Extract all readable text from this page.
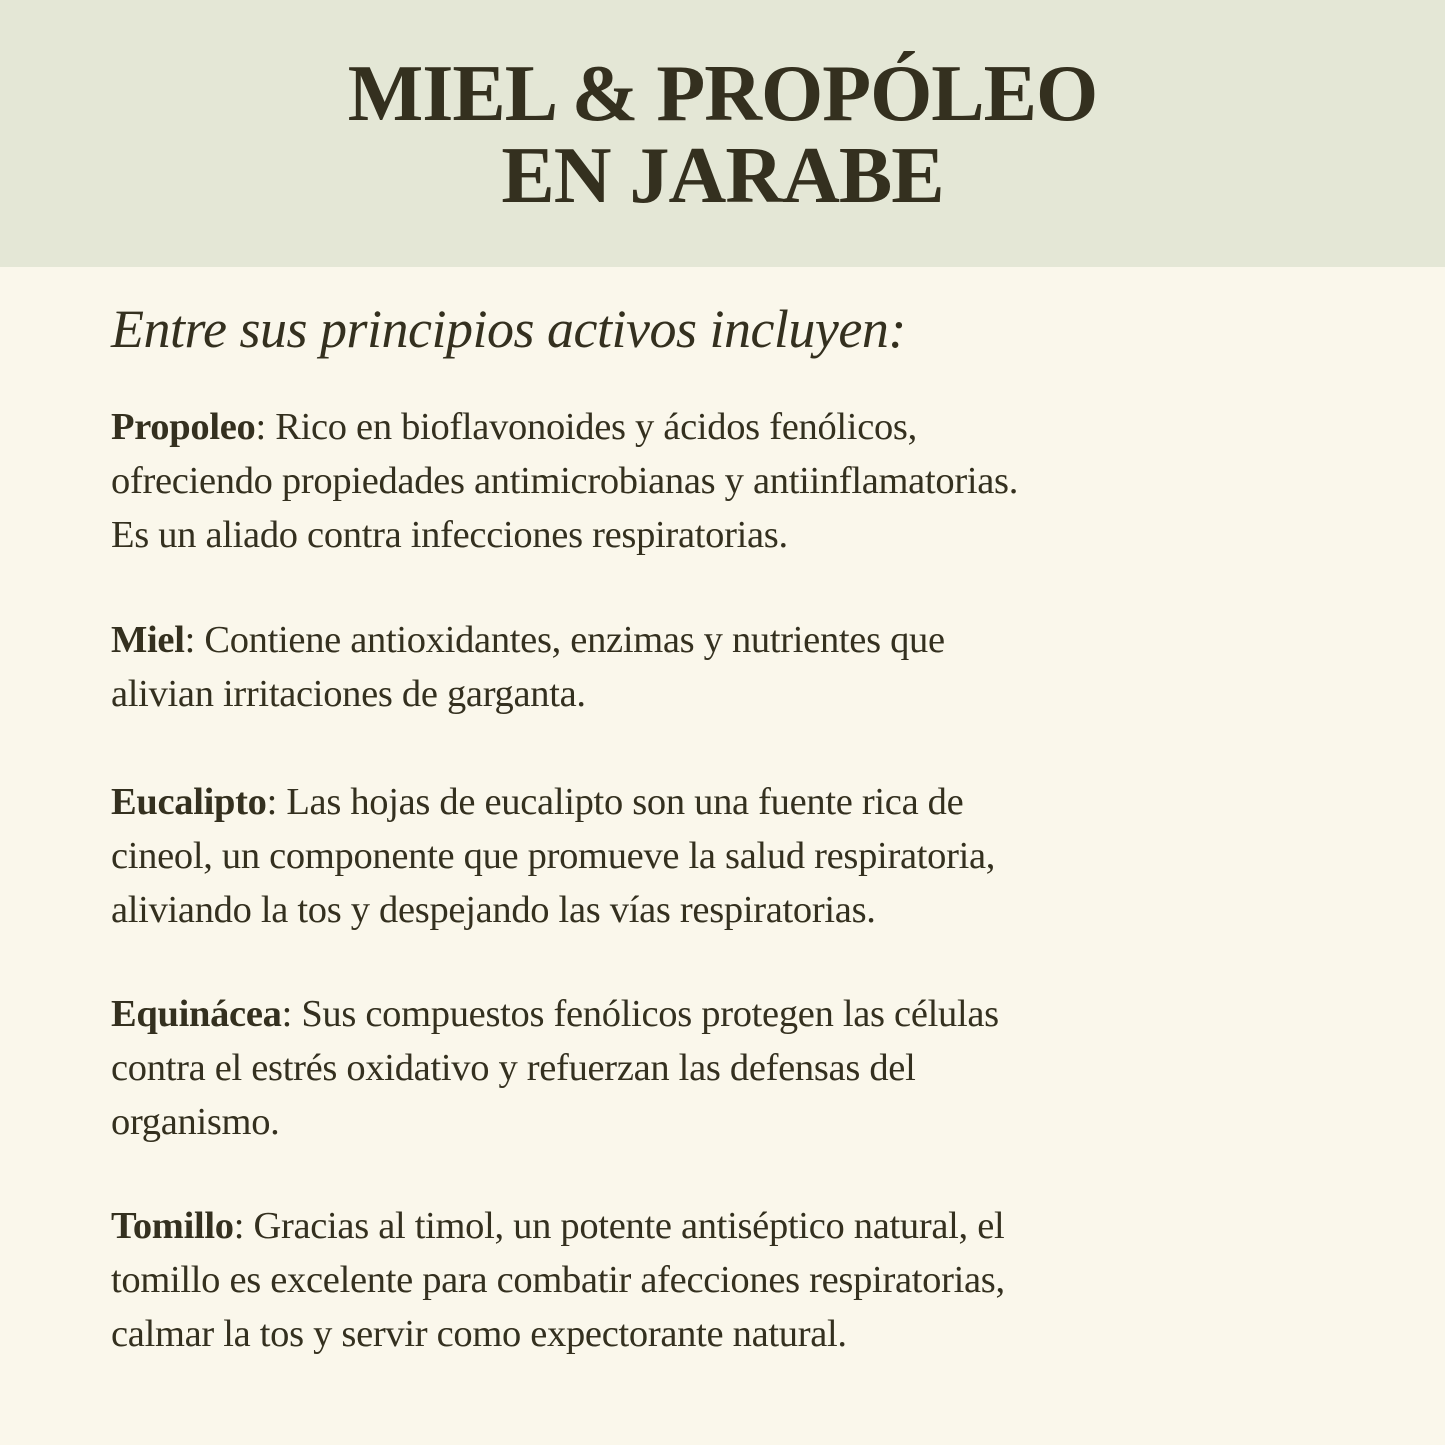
MIEL & PROPÓLEO
EN JARABE

Entre sus principios activos incluyen:

Propoleo: Rico en bioflavonoides y ácidos fenólicos,
ofreciendo propiedades antimicrobianas y antiinflamatorias.
Es un aliado contra infecciones respiratorias.
Miel: Contiene antioxidantes, enzimas y nutrientes que
alivian irritaciones de garganta.
Eucalipto: Las hojas de eucalipto son una fuente rica de
cineol, un componente que promueve la salud respiratoria,
aliviando la tos y despejando las vías respiratorias.
Equinácea: Sus compuestos fenólicos protegen las células
contra el estrés oxidativo y refuerzan las defensas del
organismo.
Tomillo: Gracias al timol, un potente antiséptico natural, el
tomillo es excelente para combatir afecciones respiratorias,
calmar la tos y servir como expectorante natural.
